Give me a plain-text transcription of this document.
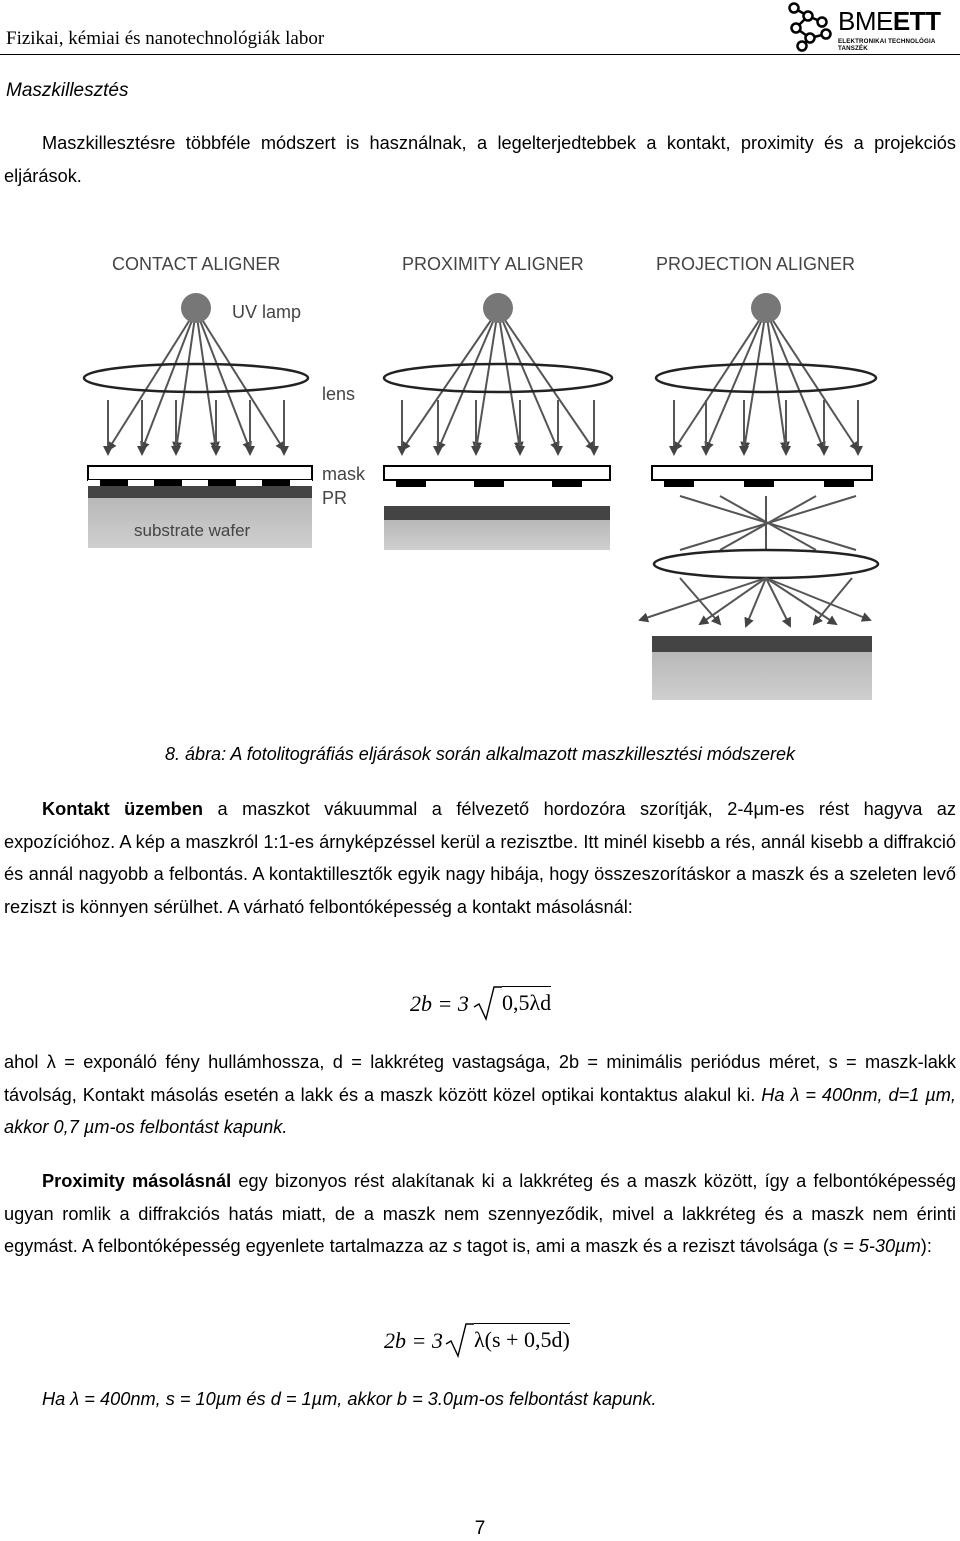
Fizikai, kémiai és nanotechnológiák labor
BMEETT
ELEKTRONIKAI TECHNOLÓGIA TANSZÉK
Maszkillesztés
Maszkillesztésre többféle módszert is használnak, a legelterjedtebbek a kontakt, proximity és a projekciós eljárások.
CONTACT ALIGNER	PROXIMITY ALIGNER	PROJECTION ALIGNER
UV lamp
lens
mask
PR
substrate wafer
8. ábra: A fotolitográfiás eljárások során alkalmazott maszkillesztési módszerek
Kontakt üzemben a maszkot vákuummal a félvezető hordozóra szorítják, 2-4μm-es rést hagyva az expozícióhoz. A kép a maszkról 1:1-es árnyképzéssel kerül a rezisztbe. Itt minél kisebb a rés, annál kisebb a diffrakció és annál nagyobb a felbontás. A kontaktillesztők egyik nagy hibája, hogy összeszorításkor a maszk és a szeleten levő reziszt is könnyen sérülhet. A várható felbontóképesség a kontakt másolásnál:
2b = 3 0,5λd
ahol λ = exponáló fény hullámhossza, d = lakkréteg vastagsága, 2b = minimális periódus méret, s = maszk-lakk távolság, Kontakt másolás esetén a lakk és a maszk között közel optikai kontaktus alakul ki. Ha λ = 400nm, d=1 µm, akkor 0,7 µm-os felbontást kapunk.
Proximity másolásnál egy bizonyos rést alakítanak ki a lakkréteg és a maszk között, így a felbontóképesség ugyan romlik a diffrakciós hatás miatt, de a maszk nem szennyeződik, mivel a lakkréteg és a maszk nem érinti egymást. A felbontóképesség egyenlete tartalmazza az s tagot is, ami a maszk és a reziszt távolsága (s = 5-30µm):
2b = 3 λ(s + 0,5d)
Ha λ = 400nm, s = 10µm és d = 1µm, akkor b = 3.0µm-os felbontást kapunk.
7
